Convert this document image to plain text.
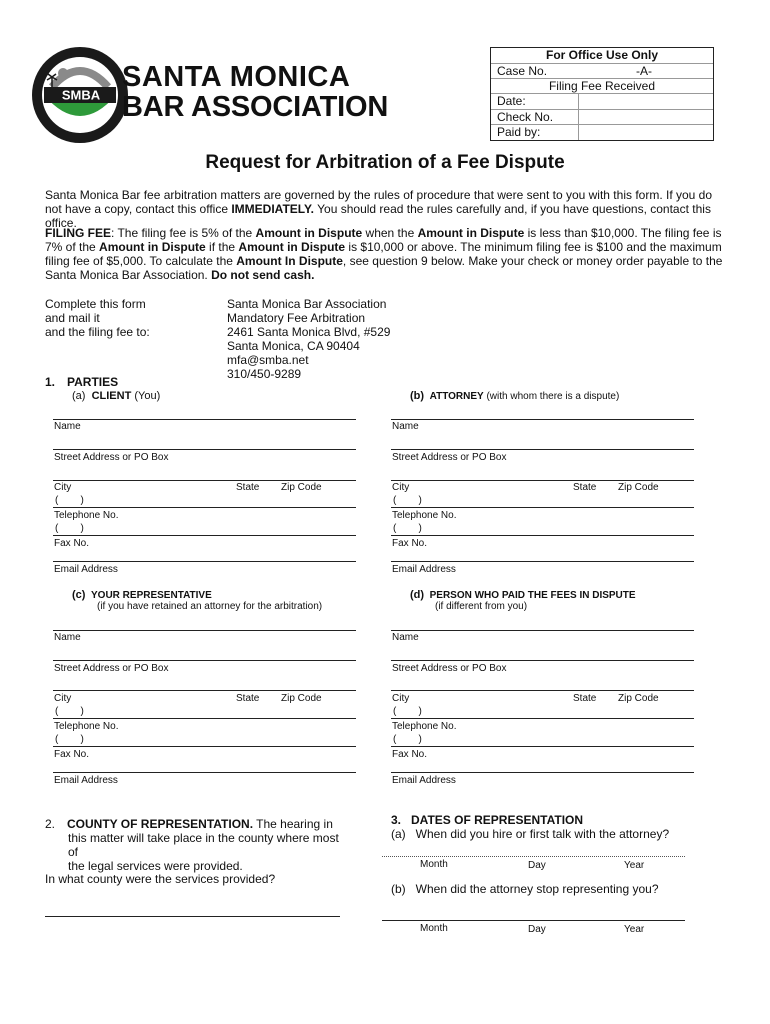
SMBA
SANTA MONICA
BAR ASSOCIATION
For Office Use Only
Case No.	-A-
Filing Fee Received
Date:
Check No.
Paid by:
Request for Arbitration of a Fee Dispute
Santa Monica Bar fee arbitration matters are governed by the rules of procedure that were sent to you with this form. If you do not have a copy, contact this office IMMEDIATELY. You should read the rules carefully and, if you have questions, contact this office.
FILING FEE: The filing fee is 5% of the Amount in Dispute when the Amount in Dispute is less than $10,000. The filing fee is 7% of the Amount in Dispute if the Amount in Dispute is $10,000 or above. The minimum filing fee is $100 and the maximum filing fee of $5,000. To calculate the Amount In Dispute, see question 9 below. Make your check or money order payable to the Santa Monica Bar Association. Do not send cash.
Complete this form
and mail it
and the filing fee to:
Santa Monica Bar Association
Mandatory Fee Arbitration
2461 Santa Monica Blvd, #529
Santa Monica, CA 90404
mfa@smba.net
310/450-9289
1. PARTIES
(a) CLIENT (You)	(b) ATTORNEY (with whom there is a dispute)
Name	Name
Street Address or PO Box	Street Address or PO Box
City	State Zip Code	City	State Zip Code
(        )	(        )
Telephone No.	Telephone No.
(        )	(        )
Fax No.	Fax No.
Email Address	Email Address
(c) YOUR REPRESENTATIVE
(if you have retained an attorney for the arbitration)
(d) PERSON WHO PAID THE FEES IN DISPUTE
(if different from you)
Name	Name
Street Address or PO Box	Street Address or PO Box
City	State Zip Code	City	State Zip Code
(        )	(        )
Telephone No.	Telephone No.
(        )	(        )
Fax No.	Fax No.
Email Address	Email Address
2. COUNTY OF REPRESENTATION. The hearing in
this matter will take place in the county where most of
the legal services were provided.
In what county were the services provided?
3. DATES OF REPRESENTATION
(a)   When did you hire or first talk with the attorney?
Month	Day	Year
(b)   When did the attorney stop representing you?
Month	Day	Year
